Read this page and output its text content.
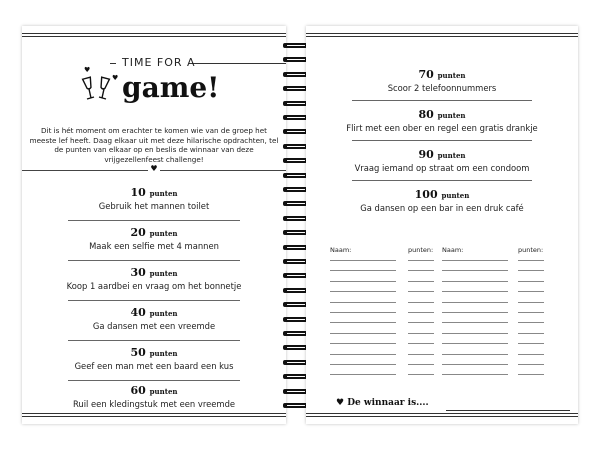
TIME FOR A
game!
♥
♥
Dit is hét moment om erachter te komen wie van de groep het meeste lef heeft. Daag elkaar uit met deze hilarische opdrachten, tel de punten van elkaar op en beslis de winnaar van deze vrijgezellenfeest challenge!
♥
10 punten
Gebruik het mannen toilet
20 punten
Maak een selfie met 4 mannen
30 punten
Koop 1 aardbei en vraag om het bonnetje
40 punten
Ga dansen met een vreemde
50 punten
Geef een man met een baard een kus
60 punten
Ruil een kledingstuk met een vreemde
70 punten
Scoor 2 telefoonnummers
80 punten
Flirt met een ober en regel een gratis drankje
90 punten
Vraag iemand op straat om een condoom
100 punten
Ga dansen op een bar in een druk café
Naam:	punten: Naam:	punten:
♥ De winnaar is....
